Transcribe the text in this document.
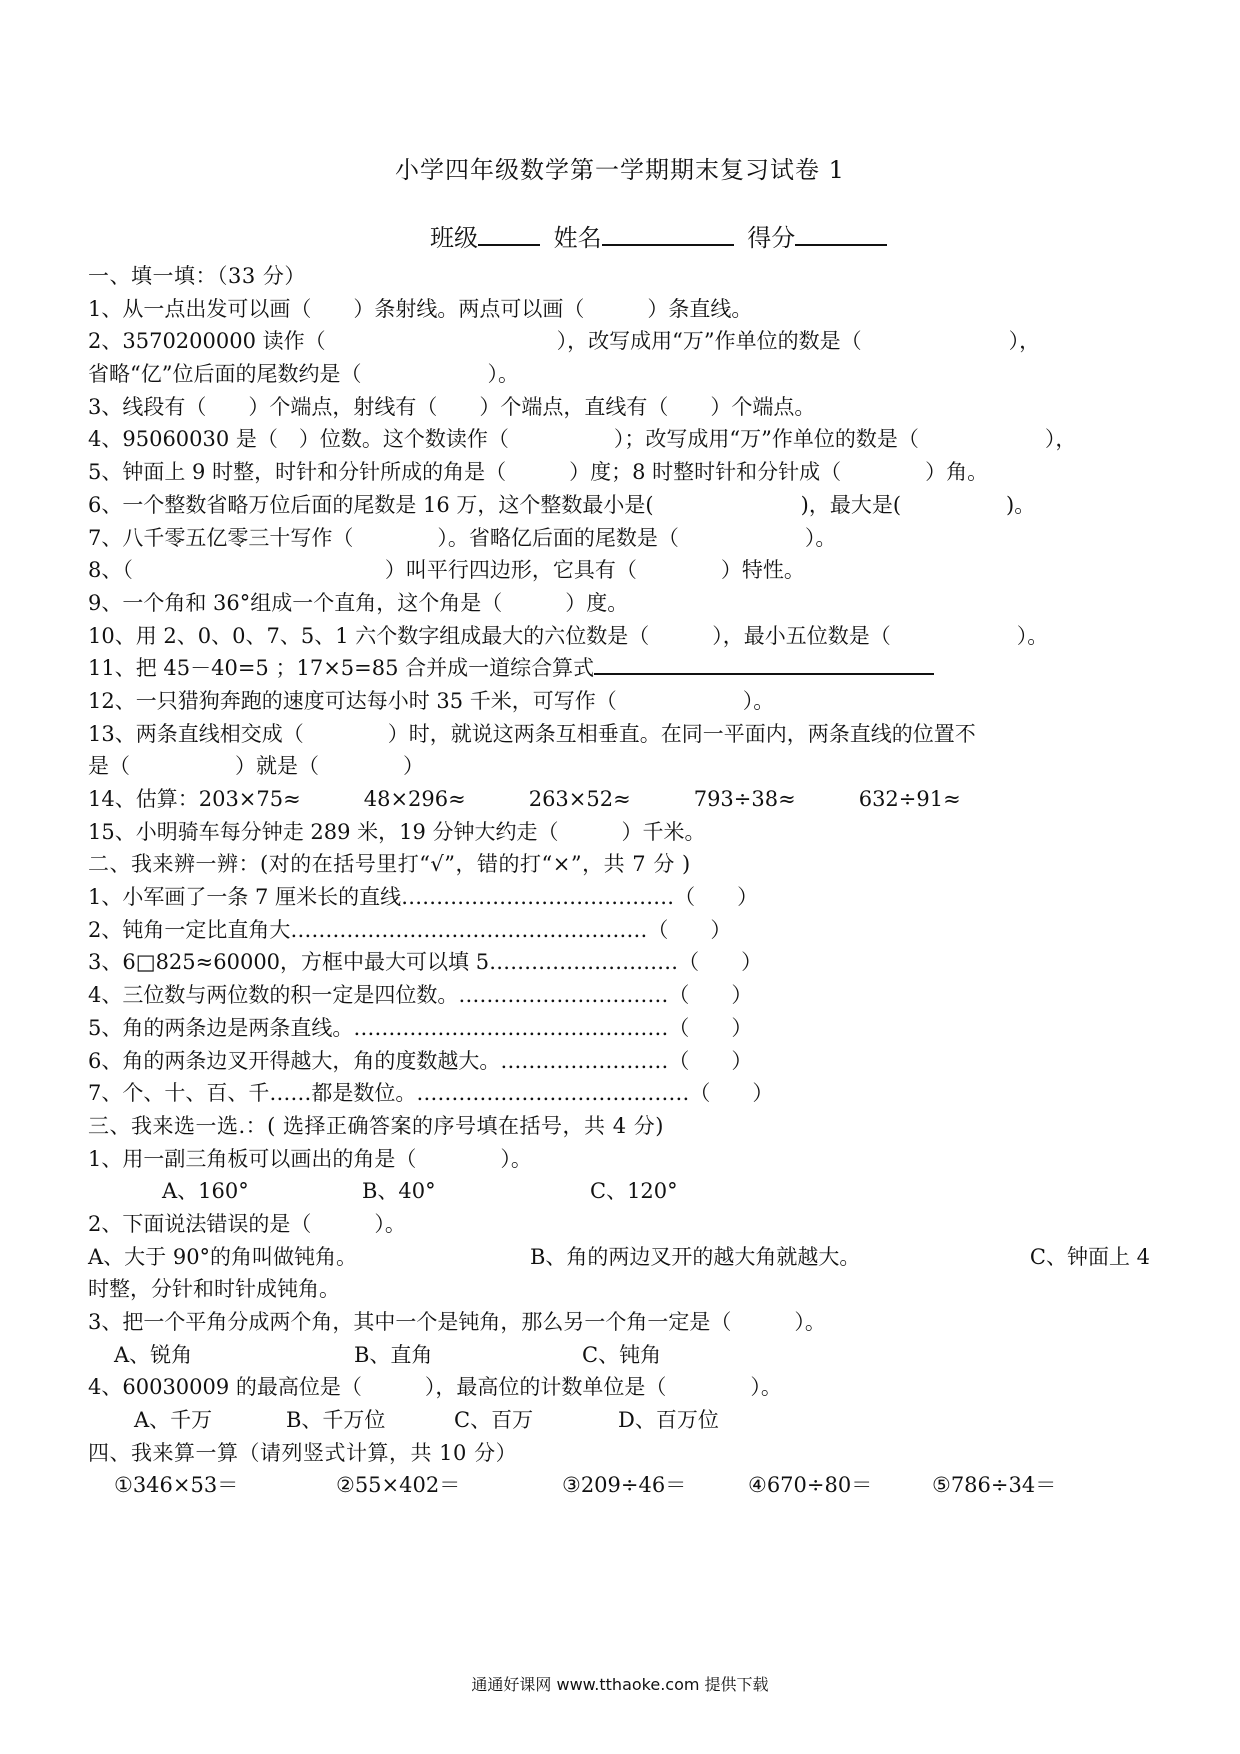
小学四年级数学第一学期期末复习试卷 1
班级	姓名	得分
一、填一填：（33 分）
1、从一点出发可以画（　　）条射线。两点可以画（　　　）条直线。
2、3570200000 读作（　　　　　　　　　　　），改写成用“万”作单位的数是（　　　　　　　），
省略“亿”位后面的尾数约是（　　　　　　）。
3、线段有（　　）个端点，射线有（　　）个端点，直线有（　　）个端点。
4、95060030 是（　）位数。这个数读作（　　　　　）；改写成用“万”作单位的数是（　　　　　　），
5、钟面上 9 时整，时针和分针所成的角是（　　　）度；8 时整时针和分针成（　　　　）角。
6、一个整数省略万位后面的尾数是 16 万，这个整数最小是(　　　　　　　)，最大是(　　　　　)。
7、八千零五亿零三十写作（　　　　）。省略亿后面的尾数是（　　　　　　）。
8、（　　　　　　　　　　　　）叫平行四边形，它具有（　　　　）特性。
9、一个角和 36°组成一个直角，这个角是（　　　）度。
10、用 2、0、0、7、5、1 六个数字组成最大的六位数是（　　　），最小五位数是（　　　　　　）。
11、把 45－40=5 ；17×5=85 合并成一道综合算式
12、一只猎狗奔跑的速度可达每小时 35 千米，可写作（　　　　　　）。
13、两条直线相交成（　　　　）时，就说这两条互相垂直。在同一平面内，两条直线的位置不
是（　　　　　）就是（　　　　）
14、估算：203×75≈　　　48×296≈　　　263×52≈　　　793÷38≈　　　632÷91≈
15、小明骑车每分钟走 289 米，19 分钟大约走（　　　）千米。
二、我来辨一辨：(对的在括号里打“√”，错的打“×”，共 7 分 )
1、小军画了一条 7 厘米长的直线…………………………………（　　）
2、钝角一定比直角大……………………………………………（　　）
3、6□825≈60000，方框中最大可以填 5………………………（　　）
4、三位数与两位数的积一定是四位数。…………………………（　　）
5、角的两条边是两条直线。………………………………………（　　）
6、角的两条边叉开得越大，角的度数越大。……………………（　　）
7、个、十、百、千……都是数位。…………………………………（　　）
三、我来选一选.：( 选择正确答案的序号填在括号，共 4 分)
1、用一副三角板可以画出的角是（　　　　）。
A、160°	B、40°	C、120°
2、下面说法错误的是（　　　）。
A、大于 90°的角叫做钝角。	B、角的两边叉开的越大角就越大。	C、钟面上 4
时整，分针和时针成钝角。
3、把一个平角分成两个角，其中一个是钝角，那么另一个角一定是（　　　）。
A、锐角	B、直角	C、钝角
4、60030009 的最高位是（　　　），最高位的计数单位是（　　　　）。
A、千万	B、千万位	C、百万	D、百万位
四、我来算一算（请列竖式计算，共 10 分）
①346×53＝	②55×402＝	③209÷46＝	④670÷80＝	⑤786÷34＝
通通好课网 www.tthaoke.com 提供下载
